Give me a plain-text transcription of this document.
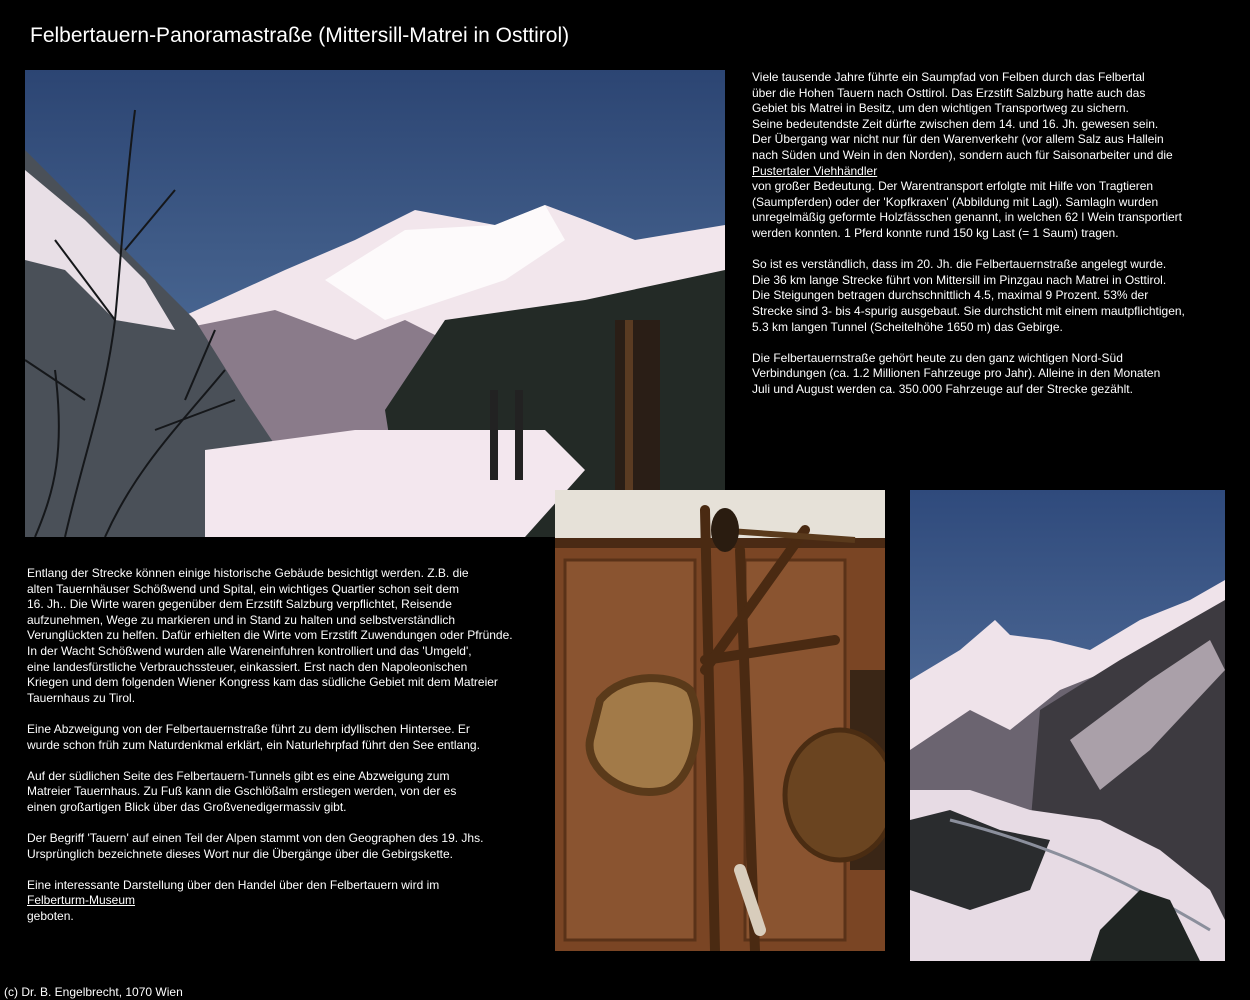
Felbertauern-Panoramastraße (Mittersill-Matrei in Osttirol)

Viele tausende Jahre führte ein Saumpfad von Felben durch das Felbertal
über die Hohen Tauern nach Osttirol. Das Erzstift Salzburg hatte auch das
Gebiet bis Matrei in Besitz, um den wichtigen Transportweg zu sichern.
Seine bedeutendste Zeit dürfte zwischen dem 14. und 16. Jh. gewesen sein.
Der Übergang war nicht nur für den Warenverkehr (vor allem Salz aus Hallein
nach Süden und Wein in den Norden), sondern auch für Saisonarbeiter und die
Pustertaler Viehhändler
von großer Bedeutung. Der Warentransport erfolgte mit Hilfe von Tragtieren
(Saumpferden) oder der 'Kopfkraxen' (Abbildung mit Lagl). Samlagln wurden
unregelmäßig geformte Holzfässchen genannt, in welchen 62 l Wein transportiert
werden konnten. 1 Pferd konnte rund 150 kg Last (= 1 Saum) tragen.

So ist es verständlich, dass im 20. Jh. die Felbertauernstraße angelegt wurde.
Die 36 km lange Strecke führt von Mittersill im Pinzgau nach Matrei in Osttirol.
Die Steigungen betragen durchschnittlich 4.5, maximal 9 Prozent. 53% der
Strecke sind 3- bis 4-spurig ausgebaut. Sie durchsticht mit einem mautpflichtigen,
5.3 km langen Tunnel (Scheitelhöhe 1650 m) das Gebirge.

Die Felbertauernstraße gehört heute zu den ganz wichtigen Nord-Süd
Verbindungen (ca. 1.2 Millionen Fahrzeuge pro Jahr). Alleine in den Monaten
Juli und August werden ca. 350.000 Fahrzeuge auf der Strecke gezählt.

Entlang der Strecke können einige historische Gebäude besichtigt werden. Z.B. die
alten Tauernhäuser Schößwend und Spital, ein wichtiges Quartier schon seit dem
16. Jh.. Die Wirte waren gegenüber dem Erzstift Salzburg verpflichtet, Reisende
aufzunehmen, Wege zu markieren und in Stand zu halten und selbstverständlich
Verunglückten zu helfen. Dafür erhielten die Wirte vom Erzstift Zuwendungen oder Pfründe.
In der Wacht Schößwend wurden alle Wareneinfuhren kontrolliert und das 'Umgeld',
eine landesfürstliche Verbrauchssteuer, einkassiert. Erst nach den Napoleonischen
Kriegen und dem folgenden Wiener Kongress kam das südliche Gebiet mit dem Matreier
Tauernhaus zu Tirol.

Eine Abzweigung von der Felbertauernstraße führt zu dem idyllischen Hintersee. Er
wurde schon früh zum Naturdenkmal erklärt, ein Naturlehrpfad führt den See entlang.

Auf der südlichen Seite des Felbertauern-Tunnels gibt es eine Abzweigung zum
Matreier Tauernhaus. Zu Fuß kann die Gschlößalm erstiegen werden, von der es
einen großartigen Blick über das Großvenedigermassiv gibt.

Der Begriff 'Tauern' auf einen Teil der Alpen stammt von den Geographen des 19. Jhs.
Ursprünglich bezeichnete dieses Wort nur die Übergänge über die Gebirgskette.

Eine interessante Darstellung über den Handel über den Felbertauern wird im
Felberturm-Museum
geboten.

(c) Dr. B. Engelbrecht, 1070 Wien
